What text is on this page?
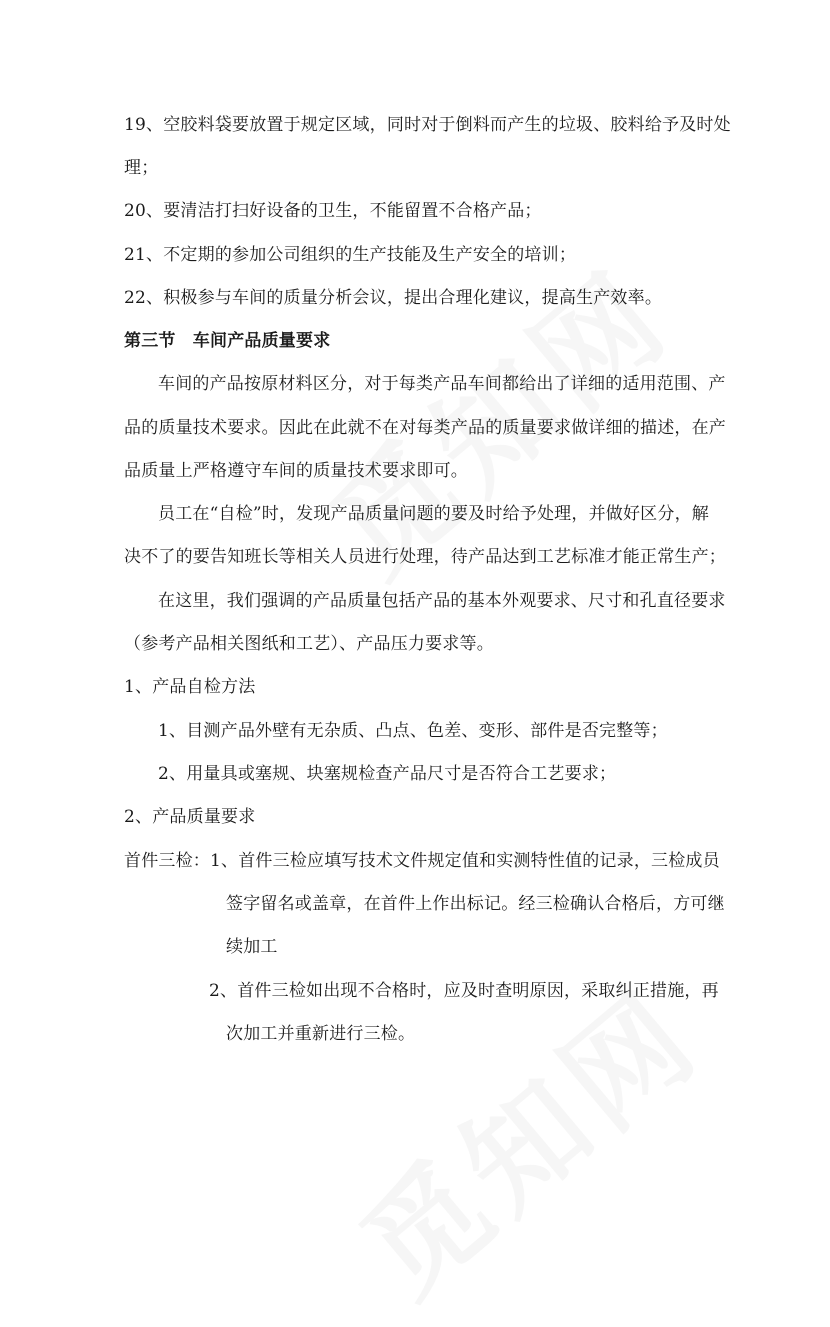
19、空胶料袋要放置于规定区域，同时对于倒料而产生的垃圾、胶料给予及时处
理；
20、要清洁打扫好设备的卫生，不能留置不合格产品；
21、不定期的参加公司组织的生产技能及生产安全的培训；
22、积极参与车间的质量分析会议，提出合理化建议，提高生产效率。
第三节　车间产品质量要求
车间的产品按原材料区分，对于每类产品车间都给出了详细的适用范围、产
品的质量技术要求。因此在此就不在对每类产品的质量要求做详细的描述，在产
品质量上严格遵守车间的质量技术要求即可。
员工在“自检”时，发现产品质量问题的要及时给予处理，并做好区分，解
决不了的要告知班长等相关人员进行处理，待产品达到工艺标准才能正常生产；
在这里，我们强调的产品质量包括产品的基本外观要求、尺寸和孔直径要求
（参考产品相关图纸和工艺）、产品压力要求等。
1、产品自检方法
1、目测产品外壁有无杂质、凸点、色差、变形、部件是否完整等；
2、用量具或塞规、块塞规检查产品尺寸是否符合工艺要求；
2、产品质量要求
首件三检：1、首件三检应填写技术文件规定值和实测特性值的记录，三检成员
签字留名或盖章，在首件上作出标记。经三检确认合格后，方可继
续加工
2、首件三检如出现不合格时，应及时查明原因，采取纠正措施，再
次加工并重新进行三检。
